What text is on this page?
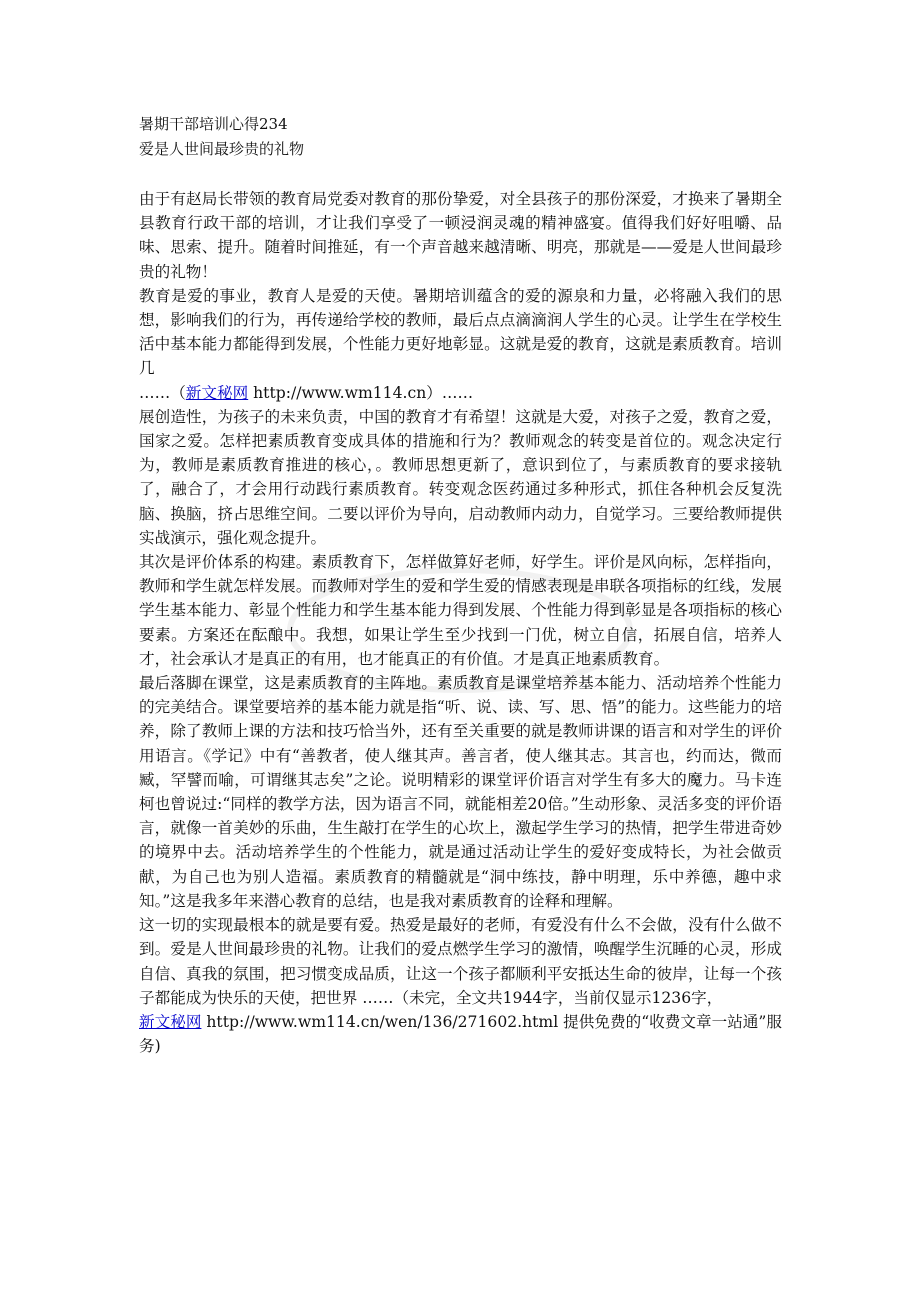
暑期干部培训心得234
爱是人世间最珍贵的礼物

由于有赵局长带领的教育局党委对教育的那份挚爱，对全县孩子的那份深爱，才换来了暑期全县教育行政干部的培训，才让我们享受了一顿浸润灵魂的精神盛宴。值得我们好好咀嚼、品味、思索、提升。随着时间推延，有一个声音越来越清晰、明亮，那就是——爱是人世间最珍贵的礼物！

教育是爱的事业，教育人是爱的天使。暑期培训蕴含的爱的源泉和力量，必将融入我们的思想，影响我们的行为，再传递给学校的教师，最后点点滴滴润人学生的心灵。让学生在学校生活中基本能力都能得到发展，个性能力更好地彰显。这就是爱的教育，这就是素质教育。培训几

……（新文秘网 http://www.wm114.cn）……

展创造性，为孩子的未来负责，中国的教育才有希望！这就是大爱，对孩子之爱，教育之爱，国家之爱。怎样把素质教育变成具体的措施和行为？教师观念的转变是首位的。观念决定行为，教师是素质教育推进的核心，。教师思想更新了，意识到位了，与素质教育的要求接轨了，融合了，才会用行动践行素质教育。转变观念医药通过多种形式，抓住各种机会反复洗脑、换脑，挤占思维空间。二要以评价为导向，启动教师内动力，自觉学习。三要给教师提供实战演示，强化观念提升。

其次是评价体系的构建。素质教育下，怎样做算好老师，好学生。评价是风向标，怎样指向，教师和学生就怎样发展。而教师对学生的爱和学生爱的情感表现是串联各项指标的红线，发展学生基本能力、彰显个性能力和学生基本能力得到发展、个性能力得到彰显是各项指标的核心要素。方案还在酝酿中。我想，如果让学生至少找到一门优，树立自信，拓展自信，培养人才，社会承认才是真正的有用，也才能真正的有价值。才是真正地素质教育。

最后落脚在课堂，这是素质教育的主阵地。素质教育是课堂培养基本能力、活动培养个性能力的完美结合。课堂要培养的基本能力就是指“听、说、读、写、思、悟”的能力。这些能力的培养，除了教师上课的方法和技巧恰当外，还有至关重要的就是教师讲课的语言和对学生的评价用语言。《学记》中有“善教者，使人继其声。善言者，使人继其志。其言也，约而达，微而臧，罕譬而喻，可谓继其志矣”之论。说明精彩的课堂评价语言对学生有多大的魔力。马卡连柯也曾说过:“同样的教学方法，因为语言不同，就能相差20倍。”生动形象、灵活多变的评价语言，就像一首美妙的乐曲，生生敲打在学生的心坎上，激起学生学习的热情，把学生带进奇妙的境界中去。活动培养学生的个性能力，就是通过活动让学生的爱好变成特长，为社会做贡献，为自己也为别人造福。素质教育的精髓就是“洞中练技，静中明理，乐中养德，趣中求知。”这是我多年来潜心教育的总结，也是我对素质教育的诠释和理解。

这一切的实现最根本的就是要有爱。热爱是最好的老师，有爱没有什么不会做，没有什么做不到。爱是人世间最珍贵的礼物。让我们的爱点燃学生学习的激情，唤醒学生沉睡的心灵，形成自信、真我的氛围，把习惯变成品质，让这一个孩子都顺利平安抵达生命的彼岸，让每一个孩子都能成为快乐的天使，把世界 ……（未完，全文共1944字，当前仅显示1236字，
新文秘网 http://www.wm114.cn/wen/136/271602.html 提供免费的“收费文章一站通”服务)
